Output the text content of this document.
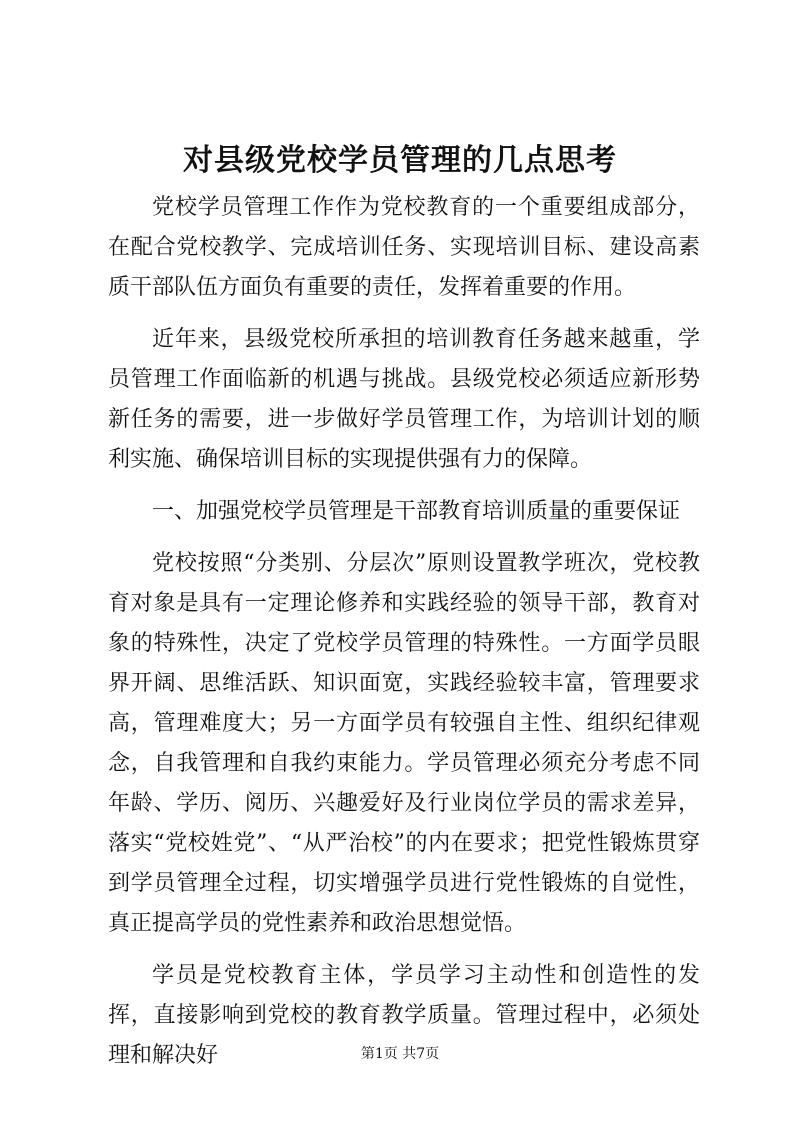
对县级党校学员管理的几点思考

党校学员管理工作作为党校教育的一个重要组成部分，在配合党校教学、完成培训任务、实现培训目标、建设高素质干部队伍方面负有重要的责任，发挥着重要的作用。

近年来，县级党校所承担的培训教育任务越来越重，学员管理工作面临新的机遇与挑战。县级党校必须适应新形势新任务的需要，进一步做好学员管理工作，为培训计划的顺利实施、确保培训目标的实现提供强有力的保障。

一、加强党校学员管理是干部教育培训质量的重要保证

党校按照“分类别、分层次”原则设置教学班次，党校教育对象是具有一定理论修养和实践经验的领导干部，教育对象的特殊性，决定了党校学员管理的特殊性。一方面学员眼界开阔、思维活跃、知识面宽，实践经验较丰富，管理要求高，管理难度大；另一方面学员有较强自主性、组织纪律观念，自我管理和自我约束能力。学员管理必须充分考虑不同年龄、学历、阅历、兴趣爱好及行业岗位学员的需求差异，落实“党校姓党”、“从严治校”的内在要求；把党性锻炼贯穿到学员管理全过程，切实增强学员进行党性锻炼的自觉性，真正提高学员的党性素养和政治思想觉悟。

学员是党校教育主体，学员学习主动性和创造性的发挥，直接影响到党校的教育教学质量。管理过程中，必须处理和解决好	第1页 共7页
